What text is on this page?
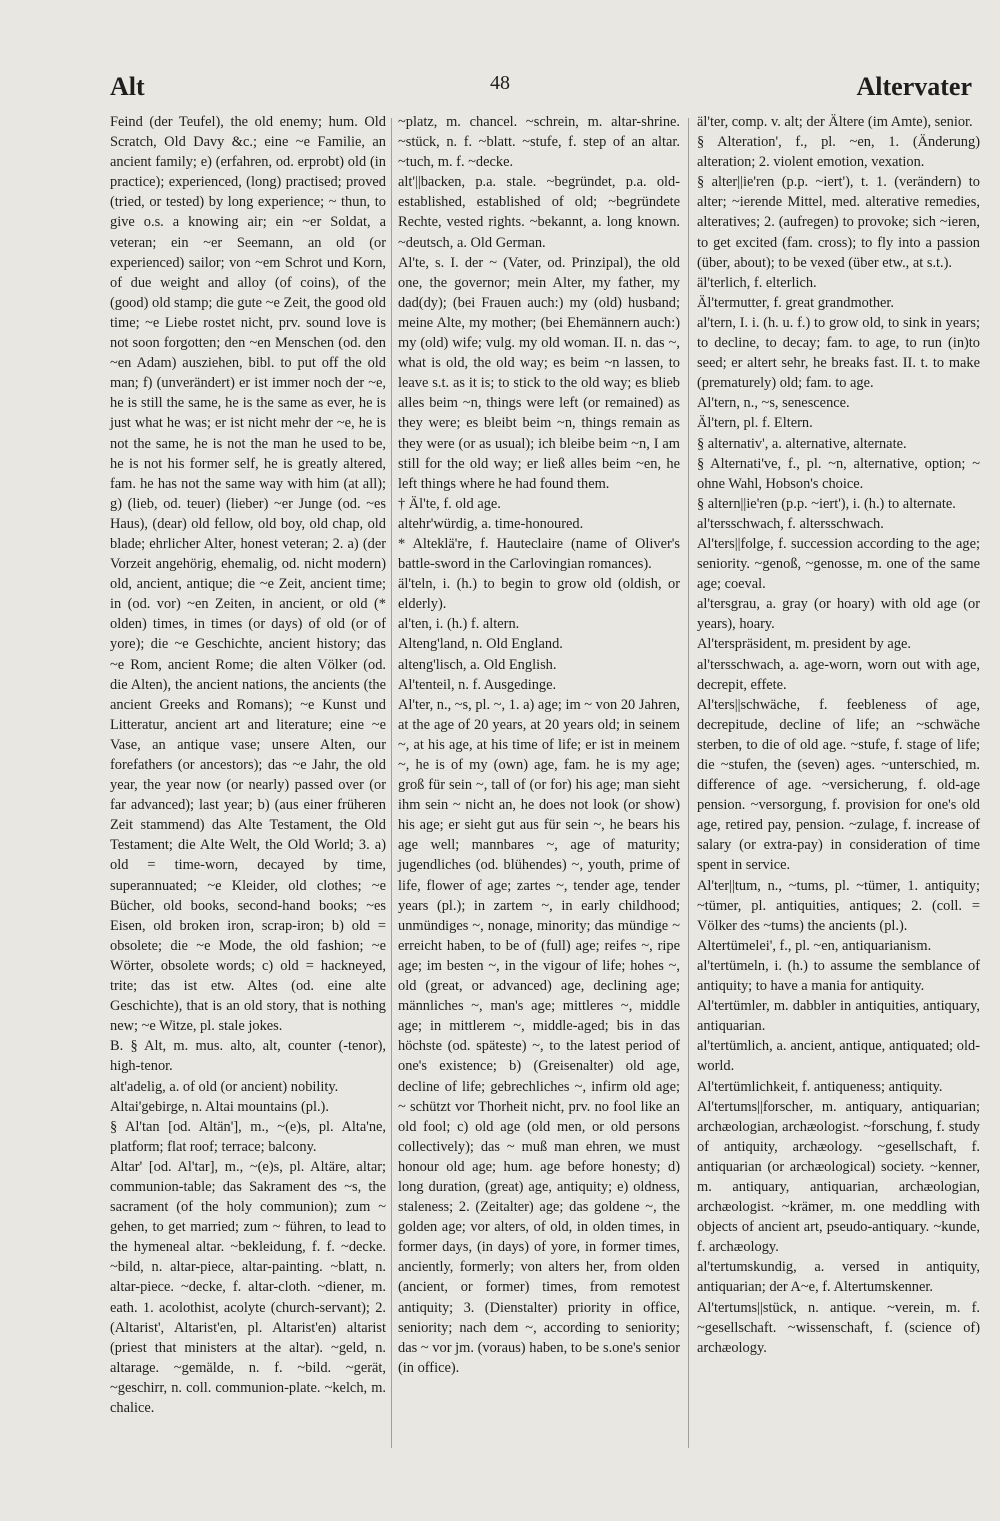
Alt	48	Altervater

Feind (der Teufel), the old enemy; hum. Old Scratch, Old Davy &c.; eine ~e Familie, an ancient family; e) (erfahren, od. erprobt) old (in practice); experienced, (long) practised; proved (tried, or tested) by long experience; ~ thun, to give o.s. a knowing air; ein ~er Soldat, a veteran; ein ~er Seemann, an old (or experienced) sailor; von ~em Schrot und Korn, of due weight and alloy (of coins), of the (good) old stamp; die gute ~e Zeit, the good old time; ~e Liebe rostet nicht, prv. sound love is not soon forgotten; den ~en Menschen (od. den ~en Adam) ausziehen, bibl. to put off the old man; f) (unverändert) er ist immer noch der ~e, he is still the same, he is the same as ever, he is just what he was; er ist nicht mehr der ~e, he is not the same, he is not the man he used to be, he is not his former self, he is greatly altered, fam. he has not the same way with him (at all); g) (lieb, od. teuer) (lieber) ~er Junge (od. ~es Haus), (dear) old fellow, old boy, old chap, old blade; ehrlicher Alter, honest veteran; 2. a) (der Vorzeit angehörig, ehemalig, od. nicht modern) old, ancient, antique; die ~e Zeit, ancient time; in (od. vor) ~en Zeiten, in ancient, or old (* olden) times, in times (or days) of old (or of yore); die ~e Geschichte, ancient history; das ~e Rom, ancient Rome; die alten Völker (od. die Alten), the ancient nations, the ancients (the ancient Greeks and Romans); ~e Kunst und Litteratur, ancient art and literature; eine ~e Vase, an antique vase; unsere Alten, our forefathers (or ancestors); das ~e Jahr, the old year, the year now (or nearly) passed over (or far advanced); last year; b) (aus einer früheren Zeit stammend) das Alte Testament, the Old Testament; die Alte Welt, the Old World; 3. a) old = time-worn, decayed by time, superannuated; ~e Kleider, old clothes; ~e Bücher, old books, second-hand books; ~es Eisen, old broken iron, scrap-iron; b) old = obsolete; die ~e Mode, the old fashion; ~e Wörter, obsolete words; c) old = hackneyed, trite; das ist etw. Altes (od. eine alte Geschichte), that is an old story, that is nothing new; ~e Witze, pl. stale jokes.

B. § Alt, m. mus. alto, alt, counter (-tenor), high-tenor.

alt'adelig, a. of old (or ancient) nobility.

Altai'gebirge, n. Altai mountains (pl.).

§ Al'tan [od. Altän'], m., ~(e)s, pl. Alta'ne, platform; flat roof; terrace; balcony.

Altar' [od. Al'tar], m., ~(e)s, pl. Altäre, altar; communion-table; das Sakrament des ~s, the sacrament (of the holy communion); zum ~ gehen, to get married; zum ~ führen, to lead to the hymeneal altar. ~bekleidung, f. f. ~decke. ~bild, n. altar-piece, altar-painting. ~blatt, n. altar-piece. ~decke, f. altar-cloth. ~diener, m. eath. 1. acolothist, acolyte (church-servant); 2. (Altarist', Altarist'en, pl. Altarist'en) altarist (priest that ministers at the altar). ~geld, n. altarage. ~gemälde, n. f. ~bild. ~gerät, ~geschirr, n. coll. communion-plate. ~kelch, m. chalice.

~platz, m. chancel. ~schrein, m. altar-shrine. ~stück, n. f. ~blatt. ~stufe, f. step of an altar. ~tuch, m. f. ~decke.

alt'||backen, p.a. stale. ~begründet, p.a. old-established, established of old; ~begründete Rechte, vested rights. ~bekannt, a. long known. ~deutsch, a. Old German.

Al'te, s. I. der ~ (Vater, od. Prinzipal), the old one, the governor; mein Alter, my father, my dad(dy); (bei Frauen auch:) my (old) husband; meine Alte, my mother; (bei Ehemännern auch:) my (old) wife; vulg. my old woman. II. n. das ~, what is old, the old way; es beim ~n lassen, to leave s.t. as it is; to stick to the old way; es blieb alles beim ~n, things were left (or remained) as they were; es bleibt beim ~n, things remain as they were (or as usual); ich bleibe beim ~n, I am still for the old way; er ließ alles beim ~en, he left things where he had found them.

† Äl'te, f. old age.

altehr'würdig, a. time-honoured.

* Alteklä're, f. Hauteclaire (name of Oliver's battle-sword in the Carlovingian romances).

äl'teln, i. (h.) to begin to grow old (oldish, or elderly).

al'ten, i. (h.) f. altern.

Alteng'land, n. Old England.

alteng'lisch, a. Old English.

Al'tenteil, n. f. Ausgedinge.

Al'ter, n., ~s, pl. ~, 1. a) age; im ~ von 20 Jahren, at the age of 20 years, at 20 years old; in seinem ~, at his age, at his time of life; er ist in meinem ~, he is of my (own) age, fam. he is my age; groß für sein ~, tall of (or for) his age; man sieht ihm sein ~ nicht an, he does not look (or show) his age; er sieht gut aus für sein ~, he bears his age well; mannbares ~, age of maturity; jugendliches (od. blühendes) ~, youth, prime of life, flower of age; zartes ~, tender age, tender years (pl.); in zartem ~, in early childhood; unmündiges ~, nonage, minority; das mündige ~ erreicht haben, to be of (full) age; reifes ~, ripe age; im besten ~, in the vigour of life; hohes ~, old (great, or advanced) age, declining age; männliches ~, man's age; mittleres ~, middle age; in mittlerem ~, middle-aged; bis in das höchste (od. späteste) ~, to the latest period of one's existence; b) (Greisenalter) old age, decline of life; gebrechliches ~, infirm old age; ~ schützt vor Thorheit nicht, prv. no fool like an old fool; c) old age (old men, or old persons collectively); das ~ muß man ehren, we must honour old age; hum. age before honesty; d) long duration, (great) age, antiquity; e) oldness, staleness; 2. (Zeitalter) age; das goldene ~, the golden age; vor alters, of old, in olden times, in former days, (in days) of yore, in former times, anciently, formerly; von alters her, from olden (ancient, or former) times, from remotest antiquity; 3. (Dienstalter) priority in office, seniority; nach dem ~, according to seniority; das ~ vor jm. (voraus) haben, to be s.one's senior (in office).

äl'ter, comp. v. alt; der Ältere (im Amte), senior.

§ Alteration', f., pl. ~en, 1. (Änderung) alteration; 2. violent emotion, vexation.

§ alter||ie'ren (p.p. ~iert'), t. 1. (verändern) to alter; ~ierende Mittel, med. alterative remedies, alteratives; 2. (aufregen) to provoke; sich ~ieren, to get excited (fam. cross); to fly into a passion (über, about); to be vexed (über etw., at s.t.).

äl'terlich, f. elterlich.

Äl'termutter, f. great grandmother.

al'tern, I. i. (h. u. f.) to grow old, to sink in years; to decline, to decay; fam. to age, to run (in)to seed; er altert sehr, he breaks fast. II. t. to make (prematurely) old; fam. to age.

Al'tern, n., ~s, senescence.

Äl'tern, pl. f. Eltern.

§ alternativ', a. alternative, alternate.

§ Alternati've, f., pl. ~n, alternative, option; ~ ohne Wahl, Hobson's choice.

§ altern||ie'ren (p.p. ~iert'), i. (h.) to alternate.

al'tersschwach, f. altersschwach.

Al'ters||folge, f. succession according to the age; seniority. ~genoß, ~genosse, m. one of the same age; coeval.

al'tersgrau, a. gray (or hoary) with old age (or years), hoary.

Al'terspräsident, m. president by age.

al'tersschwach, a. age-worn, worn out with age, decrepit, effete.

Al'ters||schwäche, f. feebleness of age, decrepitude, decline of life; an ~schwäche sterben, to die of old age. ~stufe, f. stage of life; die ~stufen, the (seven) ages. ~unterschied, m. difference of age. ~versicherung, f. old-age pension. ~versorgung, f. provision for one's old age, retired pay, pension. ~zulage, f. increase of salary (or extra-pay) in consideration of time spent in service.

Al'ter||tum, n., ~tums, pl. ~tümer, 1. antiquity; ~tümer, pl. antiquities, antiques; 2. (coll. = Völker des ~tums) the ancients (pl.).

Altertümelei', f., pl. ~en, antiquarianism.

al'tertümeln, i. (h.) to assume the semblance of antiquity; to have a mania for antiquity.

Al'tertümler, m. dabbler in antiquities, antiquary, antiquarian.

al'tertümlich, a. ancient, antique, antiquated; old-world.

Al'tertümlichkeit, f. antiqueness; antiquity.

Al'tertums||forscher, m. antiquary, antiquarian; archæologian, archæologist. ~forschung, f. study of antiquity, archæology. ~gesellschaft, f. antiquarian (or archæological) society. ~kenner, m. antiquary, antiquarian, archæologian, archæologist. ~krämer, m. one meddling with objects of ancient art, pseudo-antiquary. ~kunde, f. archæology.

al'tertumskundig, a. versed in antiquity, antiquarian; der A~e, f. Altertumskenner.

Al'tertums||stück, n. antique. ~verein, m. f. ~gesellschaft. ~wissenschaft, f. (science of) archæology.
